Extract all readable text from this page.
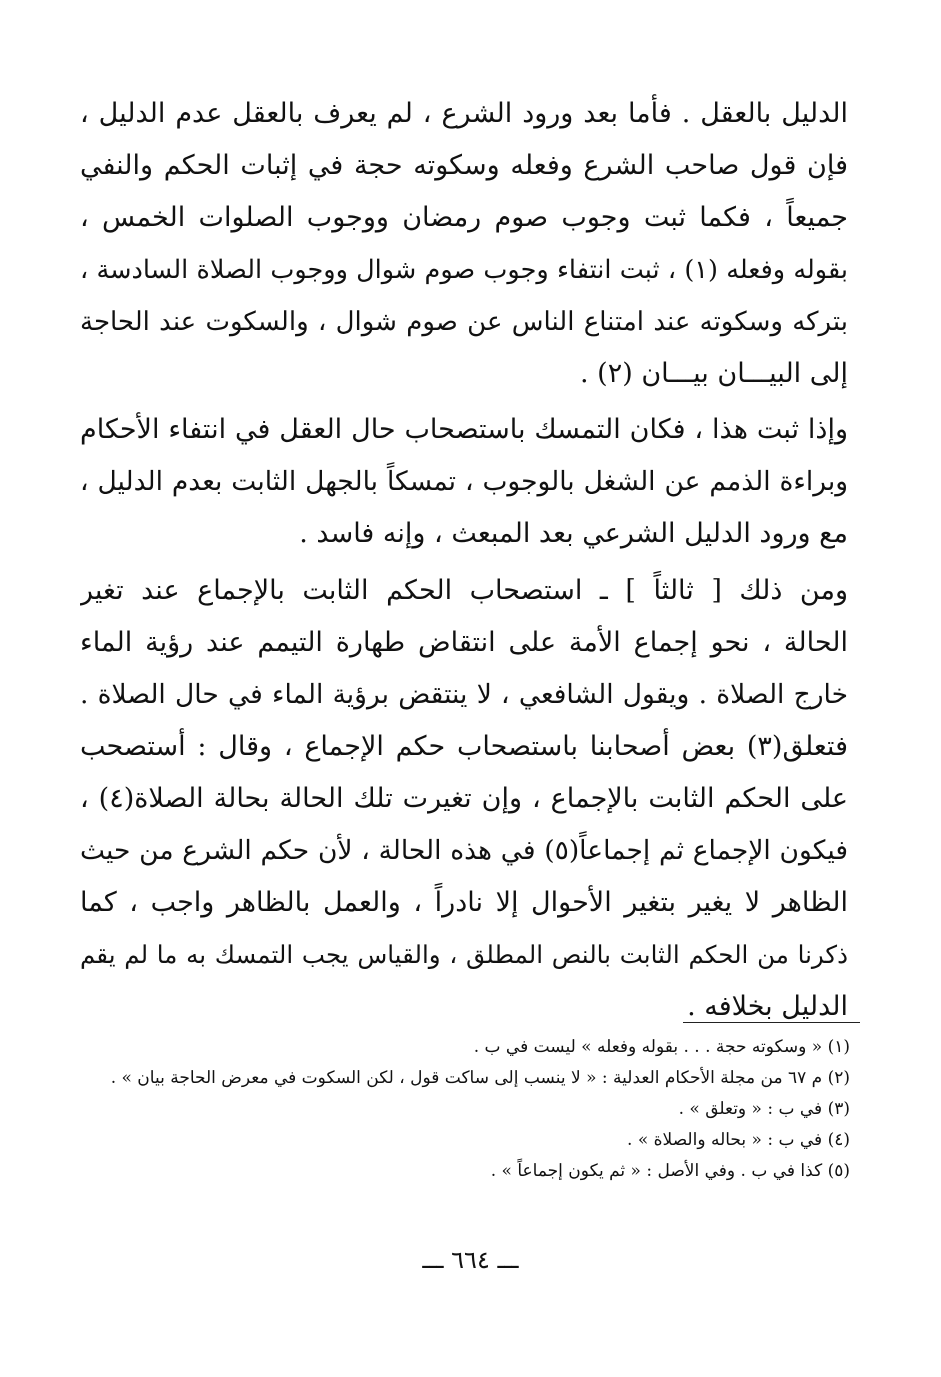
الدليل بالعقل . فأما بعد ورود الشرع ، لم يعرف بالعقل عدم الدليل ،
فإن قول صاحب الشرع وفعله وسكوته حجة في إثبات الحكم والنفي
جميعاً ، فكما ثبت وجوب صوم رمضان ووجوب الصلوات الخمس ،
بقوله وفعله (١) ، ثبت انتفاء وجوب صوم شوال ووجوب الصلاة السادسة ،
بتركه وسكوته عند امتناع الناس عن صوم شوال ، والسكوت عند الحاجة
إلى البيـــان بيـــان (٢) .
وإذا ثبت هذا ، فكان التمسك باستصحاب حال العقل في انتفاء الأحكام
وبراءة الذمم عن الشغل بالوجوب ، تمسكاً بالجهل الثابت بعدم الدليل ،
مع ورود الدليل الشرعي بعد المبعث ، وإنه فاسد .
ومن ذلك [ ثالثاً ] ـ استصحاب الحكم الثابت بالإجماع عند تغير
الحالة ، نحو إجماع الأمة على انتقاض طهارة التيمم عند رؤية الماء
خارج الصلاة . ويقول الشافعي ، لا ينتقض برؤية الماء في حال الصلاة .
فتعلق(٣) بعض أصحابنا باستصحاب حكم الإجماع ، وقال : أستصحب
على الحكم الثابت بالإجماع ، وإن تغيرت تلك الحالة بحالة الصلاة(٤) ،
فيكون الإجماع ثم إجماعاً(٥) في هذه الحالة ، لأن حكم الشرع من حيث
الظاهر لا يغير بتغير الأحوال إلا نادراً ، والعمل بالظاهر واجب ، كما
ذكرنا من الحكم الثابت بالنص المطلق ، والقياس يجب التمسك به ما لم يقم
الدليل بخلافه .
(١) « وسكوته حجة . . . بقوله وفعله » ليست في ب .
(٢) م ٦٧ من مجلة الأحكام العدلية : « لا ينسب إلى ساكت قول ، لكن السكوت في معرض الحاجة بيان » .
(٣) في ب : « وتعلق » .
(٤) في ب : « بحاله والصلاة » .
(٥) كذا في ب . وفي الأصل : « ثم يكون إجماعاً » .
ـــ ٦٦٤ ـــ
